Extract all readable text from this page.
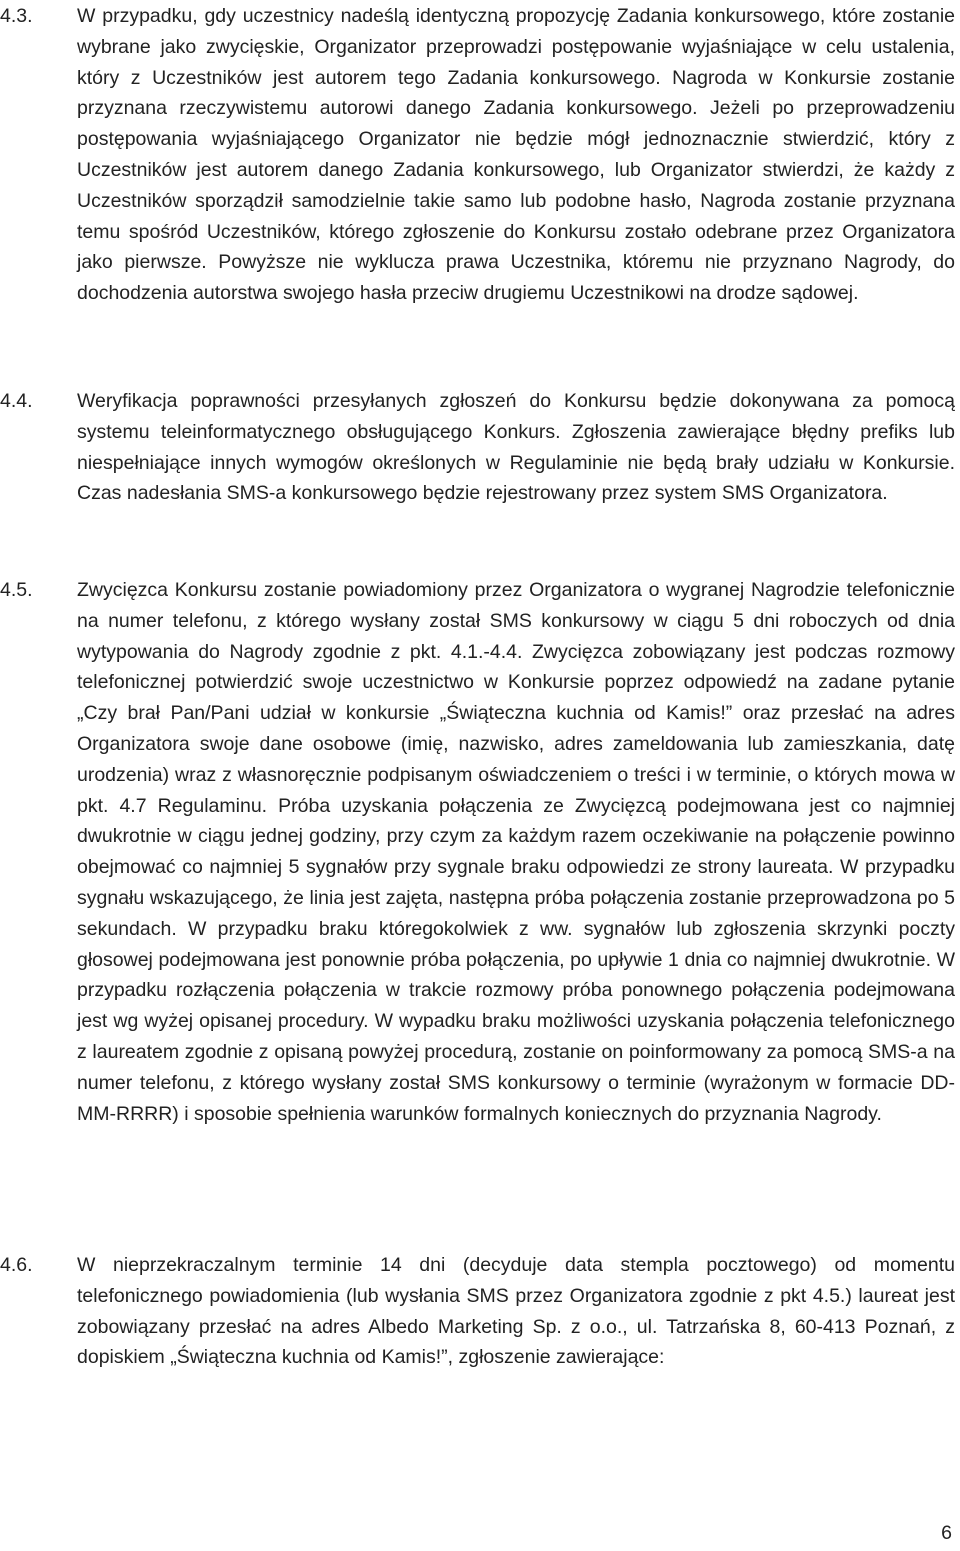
4.3. W przypadku, gdy uczestnicy nadeślą identyczną propozycję Zadania konkursowego, które zostanie wybrane jako zwycięskie, Organizator przeprowadzi postępowanie wyjaśniające w celu ustalenia, który z Uczestników jest autorem tego Zadania konkursowego. Nagroda w Konkursie zostanie przyznana rzeczywistemu autorowi danego Zadania konkursowego. Jeżeli po przeprowadzeniu postępowania wyjaśniającego Organizator nie będzie mógł jednoznacznie stwierdzić, który z Uczestników jest autorem danego Zadania konkursowego, lub Organizator stwierdzi, że każdy z Uczestników sporządził samodzielnie takie samo lub podobne hasło, Nagroda zostanie przyznana temu spośród Uczestników, którego zgłoszenie do Konkursu zostało odebrane przez Organizatora jako pierwsze. Powyższe nie wyklucza prawa Uczestnika, któremu nie przyznano Nagrody, do dochodzenia autorstwa swojego hasła przeciw drugiemu Uczestnikowi na drodze sądowej.
4.4. Weryfikacja poprawności przesyłanych zgłoszeń do Konkursu będzie dokonywana za pomocą systemu teleinformatycznego obsługującego Konkurs. Zgłoszenia zawierające błędny prefiks lub niespełniające innych wymogów określonych w Regulaminie nie będą brały udziału w Konkursie. Czas nadesłania SMS-a konkursowego będzie rejestrowany przez system SMS Organizatora.
4.5. Zwycięzca Konkursu zostanie powiadomiony przez Organizatora o wygranej Nagrodzie telefonicznie na numer telefonu, z którego wysłany został SMS konkursowy w ciągu 5 dni roboczych od dnia wytypowania do Nagrody zgodnie z pkt. 4.1.-4.4. Zwycięzca zobowiązany jest podczas rozmowy telefonicznej potwierdzić swoje uczestnictwo w Konkursie poprzez odpowiedź na zadane pytanie „Czy brał Pan/Pani udział w konkursie „Świąteczna kuchnia od Kamis!” oraz przesłać na adres Organizatora swoje dane osobowe (imię, nazwisko, adres zameldowania lub zamieszkania, datę urodzenia) wraz z własnoręcznie podpisanym oświadczeniem o treści i w terminie, o których mowa w pkt. 4.7 Regulaminu. Próba uzyskania połączenia ze Zwycięzcą podejmowana jest co najmniej dwukrotnie w ciągu jednej godziny, przy czym za każdym razem oczekiwanie na połączenie powinno obejmować co najmniej 5 sygnałów przy sygnale braku odpowiedzi ze strony laureata. W przypadku sygnału wskazującego, że linia jest zajęta, następna próba połączenia zostanie przeprowadzona po 5 sekundach. W przypadku braku któregokolwiek z ww. sygnałów lub zgłoszenia skrzynki poczty głosowej podejmowana jest ponownie próba połączenia, po upływie 1 dnia co najmniej dwukrotnie. W przypadku rozłączenia połączenia w trakcie rozmowy próba ponownego połączenia podejmowana jest wg wyżej opisanej procedury. W wypadku braku możliwości uzyskania połączenia telefonicznego z laureatem zgodnie z opisaną powyżej procedurą, zostanie on poinformowany za pomocą SMS-a na numer telefonu, z którego wysłany został SMS konkursowy o terminie (wyrażonym w formacie DD-MM-RRRR) i sposobie spełnienia warunków formalnych koniecznych do przyznania Nagrody.
4.6. W nieprzekraczalnym terminie 14 dni (decyduje data stempla pocztowego) od momentu telefonicznego powiadomienia (lub wysłania SMS przez Organizatora zgodnie z pkt 4.5.) laureat jest zobowiązany przesłać na adres Albedo Marketing Sp. z o.o., ul. Tatrzańska 8, 60-413 Poznań, z dopiskiem „Świąteczna kuchnia od Kamis!”, zgłoszenie zawierające:
6
